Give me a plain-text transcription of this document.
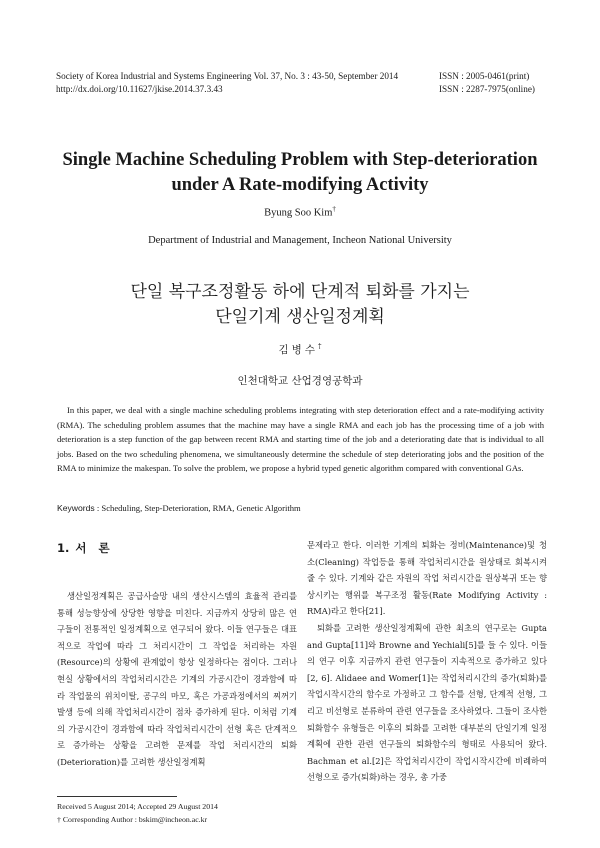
Society of Korea Industrial and Systems Engineering Vol. 37, No. 3 : 43-50, September 2014
http://dx.doi.org/10.11627/jkise.2014.37.3.43
ISSN : 2005-0461(print)
ISSN : 2287-7975(online)
Single Machine Scheduling Problem with Step-deterioration
under A Rate-modifying Activity
Byung Soo Kim†
Department of Industrial and Management, Incheon National University
단일 복구조정활동 하에 단계적 퇴화를 가지는
단일기계 생산일정계획
김병수†
인천대학교 산업경영공학과

In this paper, we deal with a single machine scheduling problems integrating with step deterioration effect and a rate-modifying activity (RMA). The scheduling problem assumes that the machine may have a single RMA and each job has the processing time of a job with deterioration is a step function of the gap between recent RMA and starting time of the job and a deteriorating date that is individual to all jobs. Based on the two scheduling phenomena, we simultaneously determine the schedule of step deteriorating jobs and the position of the RMA to minimize the makespan. To solve the problem, we propose a hybrid typed genetic algorithm compared with conventional GAs.

Keywords : Scheduling, Step-Deterioration, RMA, Genetic Algorithm
1. 서 론

생산일정계획은 공급사슬망 내의 생산시스템의 효율적 관리를 통해 성능향상에 상당한 영향을 미친다. 지금까지 상당히 많은 연구들이 전통적인 일정계획으로 연구되어 왔다. 이들 연구들은 대표적으로 작업에 따라 그 처리시간이 그 작업을 처리하는 자원(Resource)의 상황에 관계없이 항상 일정하다는 점이다. 그러나 현실 상황에서의 작업처리시간은 기계의 가공시간이 경과함에 따라 작업물의 위치이탈, 공구의 마모, 혹은 가공과정에서의 찌꺼기 발생 등에 의해 작업처리시간이 점차 증가하게 된다. 이처럼 기계의 가공시간이 경과함에 따라 작업처리시간이 선형 혹은 단계적으로 증가하는 상황을 고려한 문제를 작업 처리시간의 퇴화(Deterioration)를 고려한 생산일정계획

문제라고 한다. 이러한 기계의 퇴화는 정비(Maintenance)및 청소(Cleaning) 작업등을 통해 작업처리시간을 원상태로 회복시켜줄 수 있다. 기계와 같은 자원의 작업 처리시간을 원상복귀 또는 향상시키는 행위를 복구조정 활동(Rate Modifying Activity : RMA)라고 한다[21].

퇴화를 고려한 생산일정계획에 관한 최초의 연구로는 Gupta and Gupta[11]와 Browne and Yechiali[5]를 들 수 있다. 이들의 연구 이후 지금까지 관련 연구들이 지속적으로 증가하고 있다[2, 6]. Alidaee and Womer[1]는 작업처리시간의 증가(퇴화)를 작업시작시간의 함수로 가정하고 그 함수를 선형, 단계적 선형, 그리고 비선형로 분류하여 관련 연구들을 조사하였다. 그들이 조사한 퇴화함수 유형들은 이후의 퇴화를 고려한 대부분의 단일기계 일정계획에 관한 관련 연구들의 퇴화함수의 형태로 사용되어 왔다. Bachman et al.[2]은 작업처리시간이 작업시작시간에 비례하여 선형으로 증가(퇴화)하는 경우, 총 가중

Received 5 August 2014; Accepted 29 August 2014
† Corresponding Author : bskim@incheon.ac.kr
